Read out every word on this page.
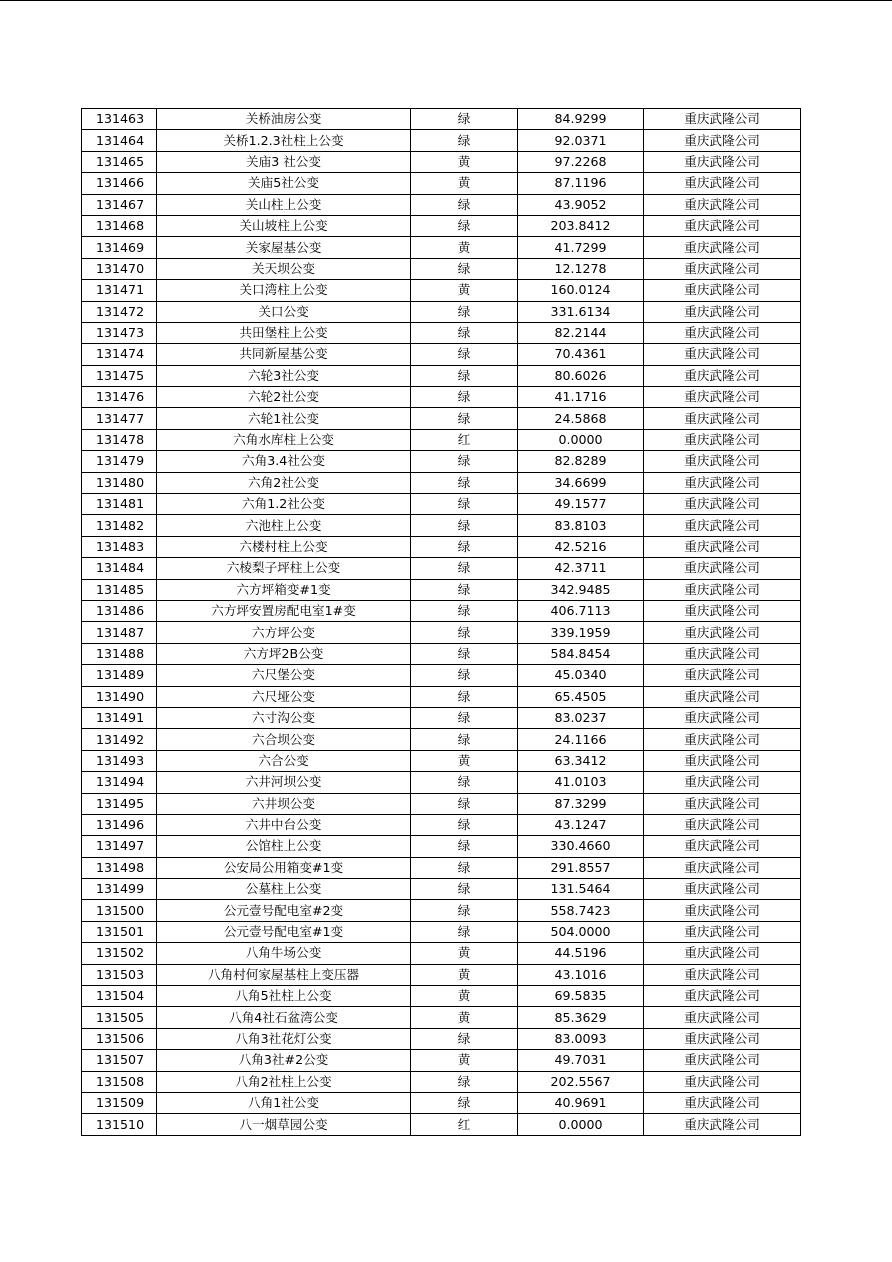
131463	关桥油房公变	绿	84.9299	重庆武隆公司
131464	关桥1.2.3社柱上公变	绿	92.0371	重庆武隆公司
131465	关庙3 社公变	黄	97.2268	重庆武隆公司
131466	关庙5社公变	黄	87.1196	重庆武隆公司
131467	关山柱上公变	绿	43.9052	重庆武隆公司
131468	关山坡柱上公变	绿	203.8412	重庆武隆公司
131469	关家屋基公变	黄	41.7299	重庆武隆公司
131470	关天坝公变	绿	12.1278	重庆武隆公司
131471	关口湾柱上公变	黄	160.0124	重庆武隆公司
131472	关口公变	绿	331.6134	重庆武隆公司
131473	共田堡柱上公变	绿	82.2144	重庆武隆公司
131474	共同新屋基公变	绿	70.4361	重庆武隆公司
131475	六轮3社公变	绿	80.6026	重庆武隆公司
131476	六轮2社公变	绿	41.1716	重庆武隆公司
131477	六轮1社公变	绿	24.5868	重庆武隆公司
131478	六角水库柱上公变	红	0.0000	重庆武隆公司
131479	六角3.4社公变	绿	82.8289	重庆武隆公司
131480	六角2社公变	绿	34.6699	重庆武隆公司
131481	六角1.2社公变	绿	49.1577	重庆武隆公司
131482	六池柱上公变	绿	83.8103	重庆武隆公司
131483	六楼村柱上公变	绿	42.5216	重庆武隆公司
131484	六棱梨子坪柱上公变	绿	42.3711	重庆武隆公司
131485	六方坪箱变#1变	绿	342.9485	重庆武隆公司
131486	六方坪安置房配电室1#变	绿	406.7113	重庆武隆公司
131487	六方坪公变	绿	339.1959	重庆武隆公司
131488	六方坪2B公变	绿	584.8454	重庆武隆公司
131489	六尺堡公变	绿	45.0340	重庆武隆公司
131490	六尺垭公变	绿	65.4505	重庆武隆公司
131491	六寸沟公变	绿	83.0237	重庆武隆公司
131492	六合坝公变	绿	24.1166	重庆武隆公司
131493	六合公变	黄	63.3412	重庆武隆公司
131494	六井河坝公变	绿	41.0103	重庆武隆公司
131495	六井坝公变	绿	87.3299	重庆武隆公司
131496	六井中台公变	绿	43.1247	重庆武隆公司
131497	公馆柱上公变	绿	330.4660	重庆武隆公司
131498	公安局公用箱变#1变	绿	291.8557	重庆武隆公司
131499	公墓柱上公变	绿	131.5464	重庆武隆公司
131500	公元壹号配电室#2变	绿	558.7423	重庆武隆公司
131501	公元壹号配电室#1变	绿	504.0000	重庆武隆公司
131502	八角牛场公变	黄	44.5196	重庆武隆公司
131503	八角村何家屋基柱上变压器	黄	43.1016	重庆武隆公司
131504	八角5社柱上公变	黄	69.5835	重庆武隆公司
131505	八角4社石盆湾公变	黄	85.3629	重庆武隆公司
131506	八角3社花灯公变	绿	83.0093	重庆武隆公司
131507	八角3社#2公变	黄	49.7031	重庆武隆公司
131508	八角2社柱上公变	绿	202.5567	重庆武隆公司
131509	八角1社公变	绿	40.9691	重庆武隆公司
131510	八一烟草园公变	红	0.0000	重庆武隆公司
